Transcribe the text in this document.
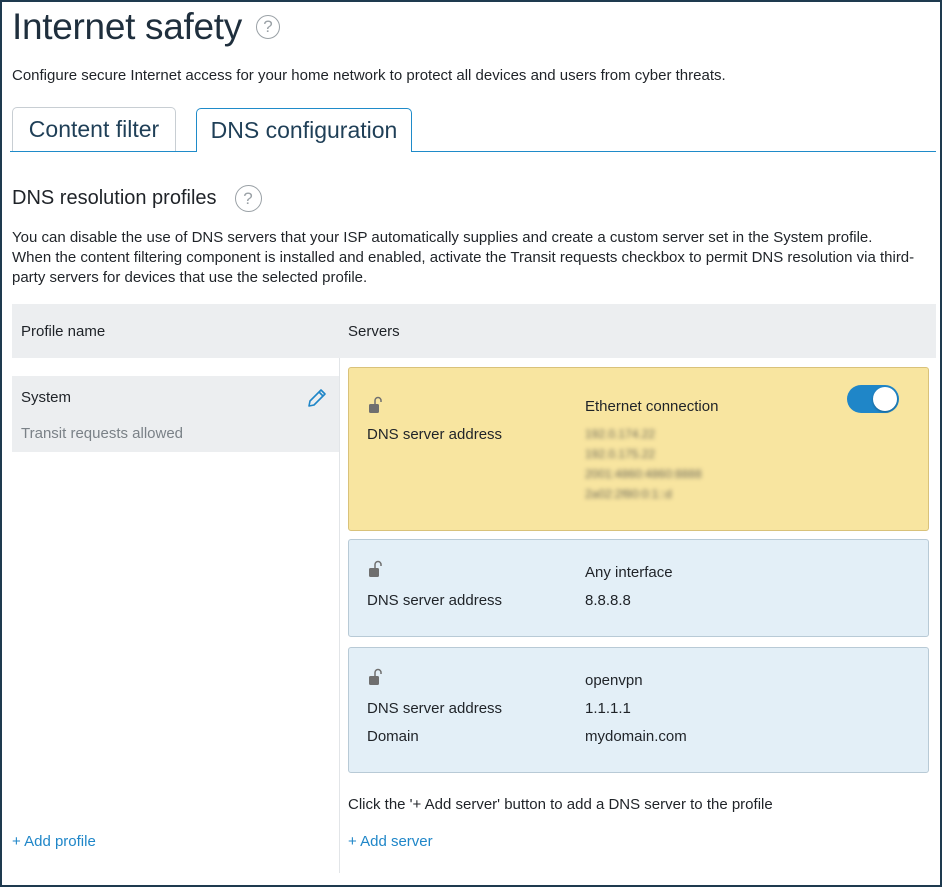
Internet safety	?
Configure secure Internet access for your home network to protect all devices and users from cyber threats.
Content filter	DNS configuration
DNS resolution profiles	?
You can disable the use of DNS servers that your ISP automatically supplies and create a custom server set in the System profile.
When the content filtering component is installed and enabled, activate the Transit requests checkbox to permit DNS resolution via third-party servers for devices that use the selected profile.
Profile name	Servers
System
Transit requests allowed
Ethernet connection
DNS server address	192.0.174.22
192.0.175.22
2001:4860:4860:8888
2a02:2f80:0:1::d
Any interface
DNS server address	8.8.8.8
openvpn
DNS server address	1.1.1.1
Domain	mydomain.com
Click the '+ Add server' button to add a DNS server to the profile
+ Add profile	+ Add server
